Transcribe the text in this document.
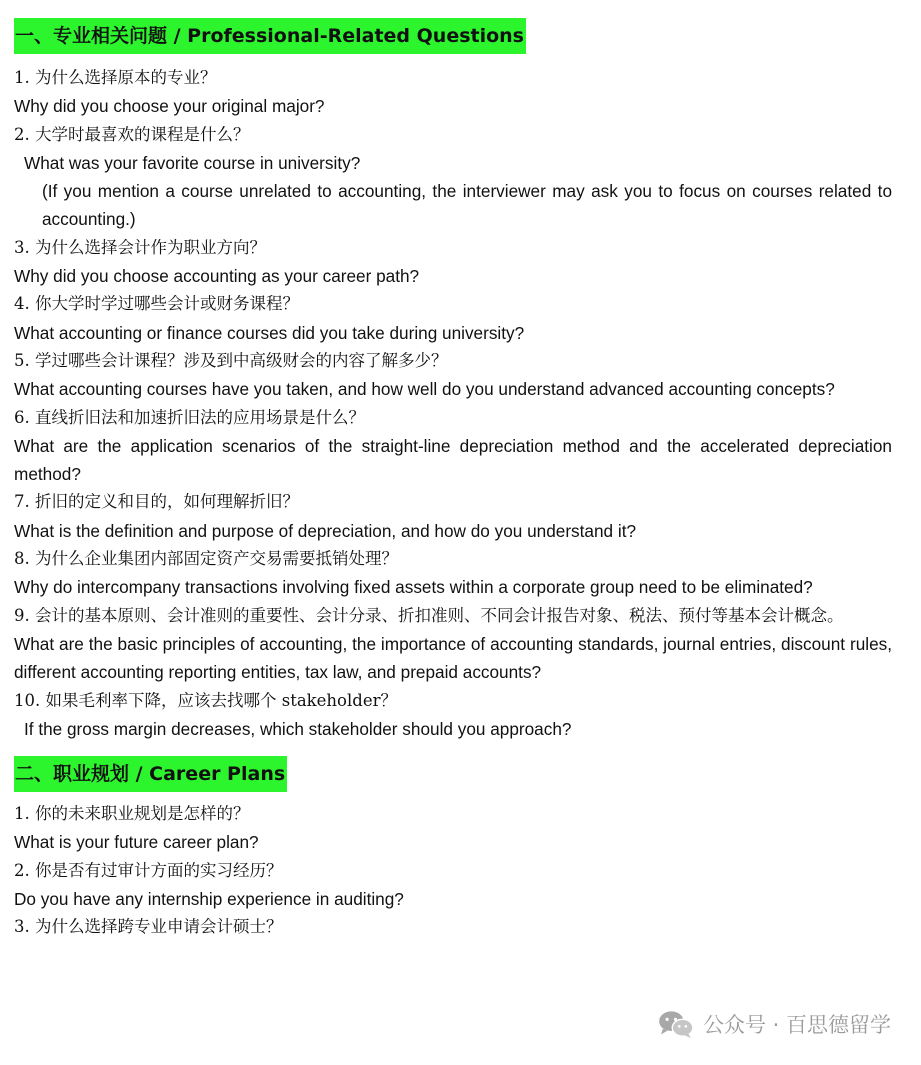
一、专业相关问题 / Professional-Related Questions
1. 为什么选择原本的专业？
Why did you choose your original major?
2. 大学时最喜欢的课程是什么？
What was your favorite course in university?
(If you mention a course unrelated to accounting, the interviewer may ask you to focus on courses related to accounting.)
3. 为什么选择会计作为职业方向？
Why did you choose accounting as your career path?
4. 你大学时学过哪些会计或财务课程？
What accounting or finance courses did you take during university?
5. 学过哪些会计课程？涉及到中高级财会的内容了解多少？
What accounting courses have you taken, and how well do you understand advanced accounting concepts?
6. 直线折旧法和加速折旧法的应用场景是什么？
What are the application scenarios of the straight-line depreciation method and the accelerated depreciation method?
7. 折旧的定义和目的，如何理解折旧？
What is the definition and purpose of depreciation, and how do you understand it?
8. 为什么企业集团内部固定资产交易需要抵销处理？
Why do intercompany transactions involving fixed assets within a corporate group need to be eliminated?
9. 会计的基本原则、会计准则的重要性、会计分录、折扣准则、不同会计报告对象、税法、预付等基本会计概念。
What are the basic principles of accounting, the importance of accounting standards, journal entries, discount rules, different accounting reporting entities, tax law, and prepaid accounts?
10. 如果毛利率下降，应该去找哪个 stakeholder？
If the gross margin decreases, which stakeholder should you approach?
二、职业规划 / Career Plans
1. 你的未来职业规划是怎样的？
What is your future career plan?
2. 你是否有过审计方面的实习经历？
Do you have any internship experience in auditing?
3. 为什么选择跨专业申请会计硕士？
公众号 · 百思德留学
